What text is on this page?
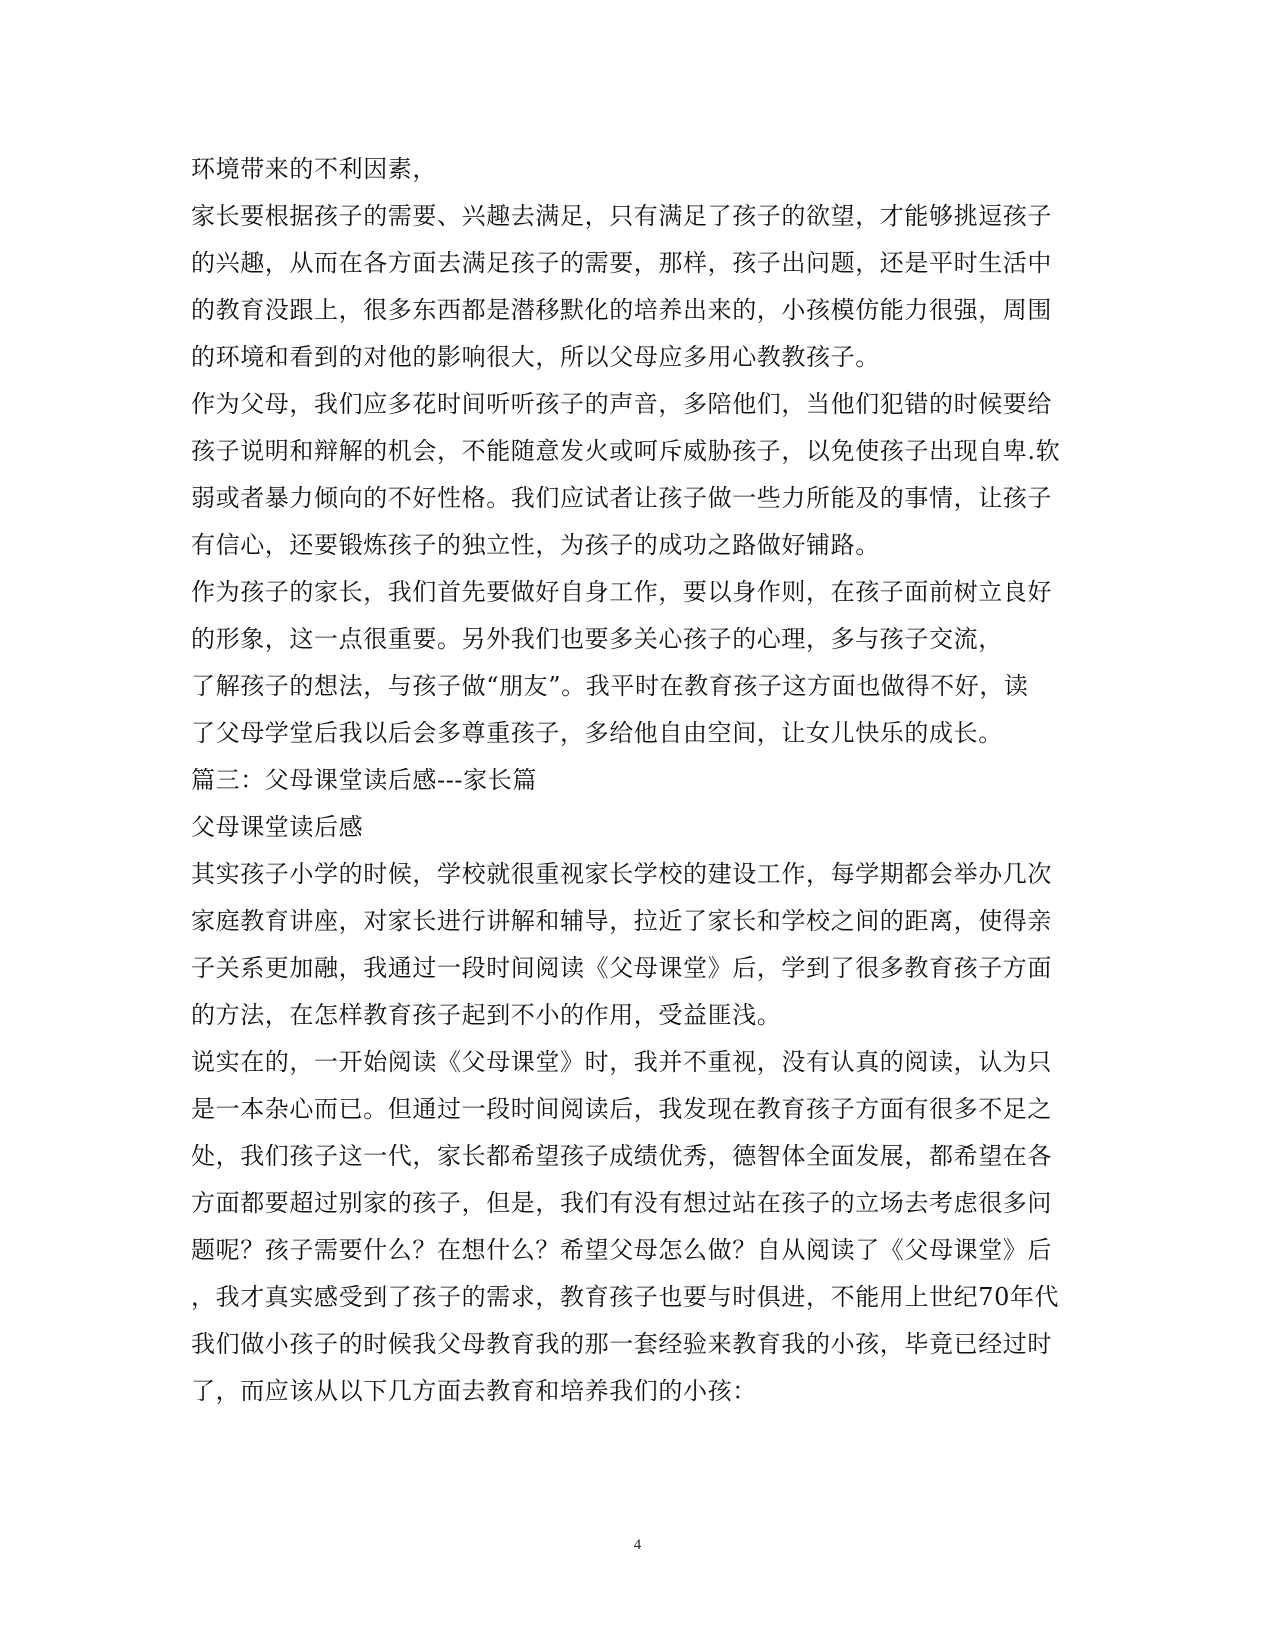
环境带来的不利因素，
家长要根据孩子的需要、兴趣去满足，只有满足了孩子的欲望，才能够挑逗孩子
的兴趣，从而在各方面去满足孩子的需要，那样，孩子出问题，还是平时生活中
的教育没跟上，很多东西都是潜移默化的培养出来的，小孩模仿能力很强，周围
的环境和看到的对他的影响很大，所以父母应多用心教教孩子。
作为父母，我们应多花时间听听孩子的声音，多陪他们，当他们犯错的时候要给
孩子说明和辩解的机会，不能随意发火或呵斥威胁孩子，以免使孩子出现自卑.软
弱或者暴力倾向的不好性格。我们应试者让孩子做一些力所能及的事情，让孩子
有信心，还要锻炼孩子的独立性，为孩子的成功之路做好铺路。
作为孩子的家长，我们首先要做好自身工作，要以身作则，在孩子面前树立良好
的形象，这一点很重要。另外我们也要多关心孩子的心理，多与孩子交流，
了解孩子的想法，与孩子做“朋友”。我平时在教育孩子这方面也做得不好，读
了父母学堂后我以后会多尊重孩子，多给他自由空间，让女儿快乐的成长。
篇三：父母课堂读后感---家长篇
父母课堂读后感
其实孩子小学的时候，学校就很重视家长学校的建设工作，每学期都会举办几次
家庭教育讲座，对家长进行讲解和辅导，拉近了家长和学校之间的距离，使得亲
子关系更加融，我通过一段时间阅读《父母课堂》后，学到了很多教育孩子方面
的方法，在怎样教育孩子起到不小的作用，受益匪浅。
说实在的，一开始阅读《父母课堂》时，我并不重视，没有认真的阅读，认为只
是一本杂心而已。但通过一段时间阅读后，我发现在教育孩子方面有很多不足之
处，我们孩子这一代，家长都希望孩子成绩优秀，德智体全面发展，都希望在各
方面都要超过别家的孩子，但是，我们有没有想过站在孩子的立场去考虑很多问
题呢？孩子需要什么？在想什么？希望父母怎么做？自从阅读了《父母课堂》后
，我才真实感受到了孩子的需求，教育孩子也要与时俱进，不能用上世纪70年代
我们做小孩子的时候我父母教育我的那一套经验来教育我的小孩，毕竟已经过时
了，而应该从以下几方面去教育和培养我们的小孩：
4
